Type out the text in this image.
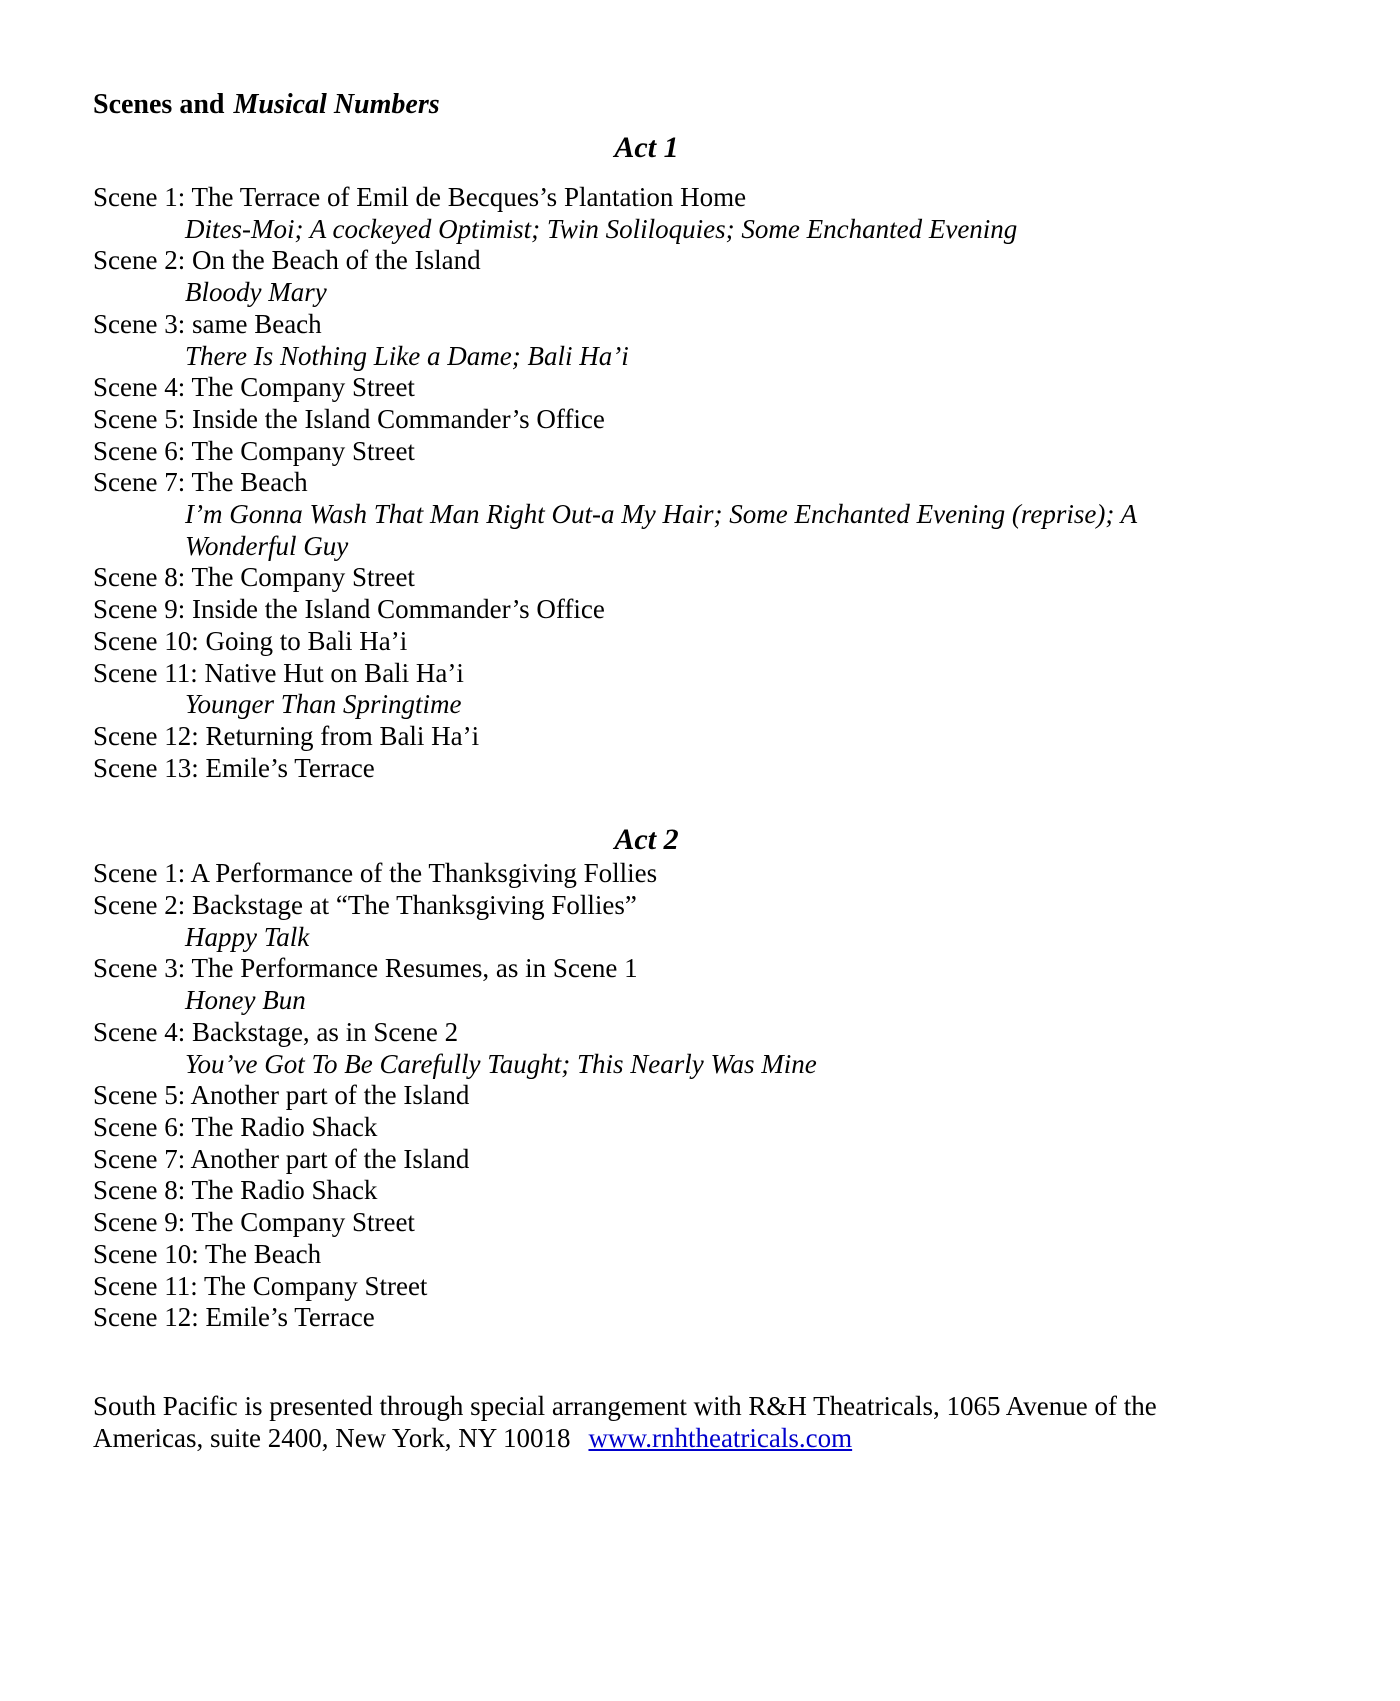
Scenes and Musical Numbers
Act 1

Scene 1: The Terrace of Emil de Becques’s Plantation Home

Dites-Moi; A cockeyed Optimist; Twin Soliloquies; Some Enchanted Evening

Scene 2: On the Beach of the Island

Bloody Mary

Scene 3: same Beach

There Is Nothing Like a Dame; Bali Ha’i

Scene 4: The Company Street

Scene 5: Inside the Island Commander’s Office

Scene 6: The Company Street

Scene 7: The Beach

I’m Gonna Wash That Man Right Out-a My Hair; Some Enchanted Evening (reprise); A Wonderful Guy

Scene 8: The Company Street

Scene 9: Inside the Island Commander’s Office

Scene 10: Going to Bali Ha’i

Scene 11: Native Hut on Bali Ha’i

Younger Than Springtime

Scene 12: Returning from Bali Ha’i

Scene 13: Emile’s Terrace

Act 2

Scene 1: A Performance of the Thanksgiving Follies

Scene 2: Backstage at “The Thanksgiving Follies”

Happy Talk

Scene 3: The Performance Resumes, as in Scene 1

Honey Bun

Scene 4: Backstage, as in Scene 2

You’ve Got To Be Carefully Taught; This Nearly Was Mine

Scene 5: Another part of the Island

Scene 6: The Radio Shack

Scene 7: Another part of the Island

Scene 8: The Radio Shack

Scene 9: The Company Street

Scene 10: The Beach

Scene 11: The Company Street

Scene 12: Emile’s Terrace

South Pacific is presented through special arrangement with R&H Theatricals, 1065 Avenue of the Americas, suite 2400, New York, NY 10018 www.rnhtheatricals.com
